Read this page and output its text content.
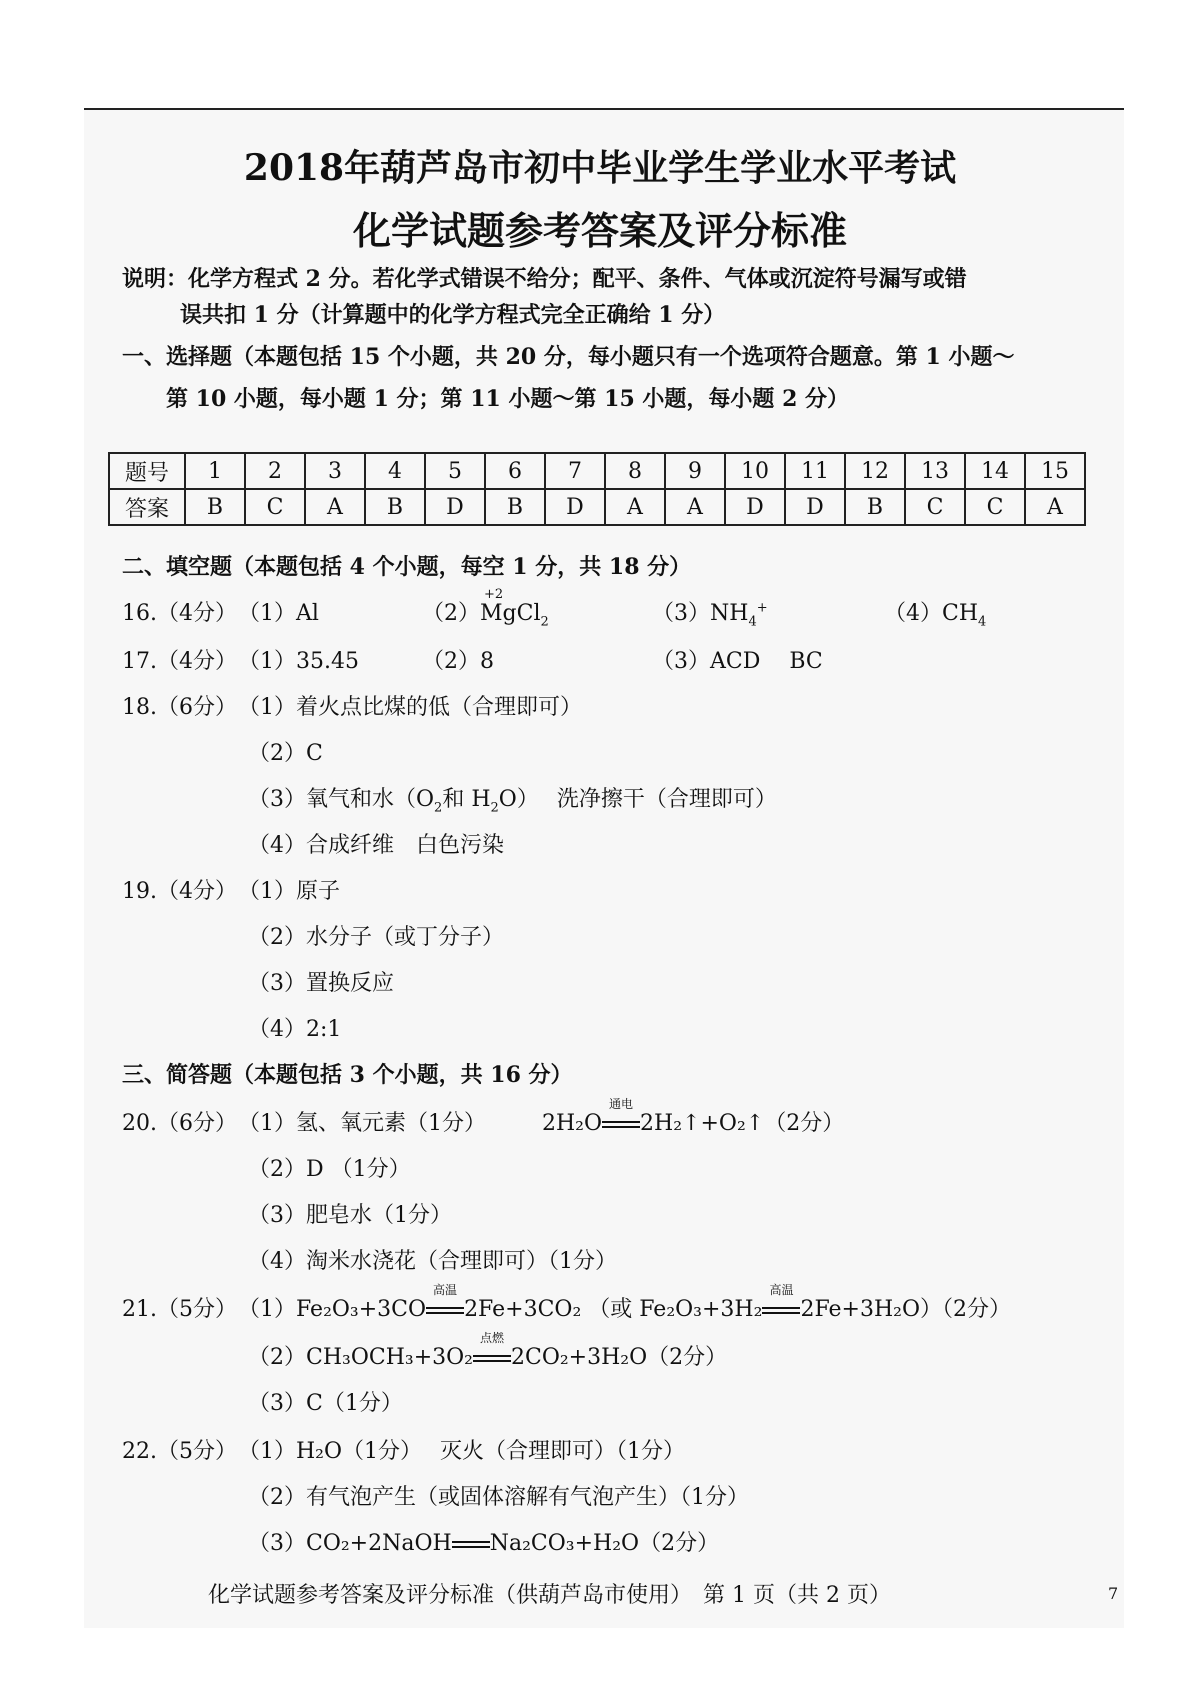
2018年葫芦岛市初中毕业学生学业水平考试
化学试题参考答案及评分标准
说明：化学方程式 2 分。若化学式错误不给分；配平、条件、气体或沉淀符号漏写或错
误共扣 1 分（计算题中的化学方程式完全正确给 1 分）
一、选择题（本题包括 15 个小题，共 20 分，每小题只有一个选项符合题意。第 1 小题～
第 10 小题，每小题 1 分；第 11 小题～第 15 小题，每小题 2 分）
题号	1	2	3	4	5	6	7	8	9	10	11	12	13	14	15
答案	B	C	A	B	D	B	D	A	A	D	D	B	C	C	A
二、填空题（本题包括 4 个小题，每空 1 分，共 18 分）
16.（4分） （1）Al	（2）
+2
MgCl$_2$	$(3)NH_4^+$	$(4)CH_4$
17.（4分） （1）35.45	（2）8	（3）ACD　 BC
18.（6分） （1）着火点比煤的低（合理即可）
（2）C
（3）氧气和水（$O_2$和 $H_2O$）　 洗净擦干（合理即可）
（4）合成纤维　白色污染
19.（4分） （1）原子
（2）水分子（或丁分子）
（3）置换反应
（4）2:1
三、简答题（本题包括 3 个小题，共 16 分）
20.（6分） （1）氢、氧元素（1分）	2H₂O
通电
2H₂↑+O₂↑（2分）
（2）D （1分）
（3）肥皂水（1分）
（4）淘米水浇花（合理即可）（1分）
21.（5分） （1）Fe₂O₃+3CO
高温
2Fe+3CO₂ （或 Fe₂O₃+3H₂
高温
2Fe+3H₂O）（2分）
（2）CH₃OCH₃+3O₂
点燃
2CO₂+3H₂O（2分）
（3）C（1分）
22.（5分） （1）H₂O（1分）　 灭火（合理即可）（1分）
（2）有气泡产生（或固体溶解有气泡产生）（1分）
（3）CO₂+2NaOH Na₂CO₃+H₂O（2分）
化学试题参考答案及评分标准（供葫芦岛市使用）　第 1 页（共 2 页）	7
